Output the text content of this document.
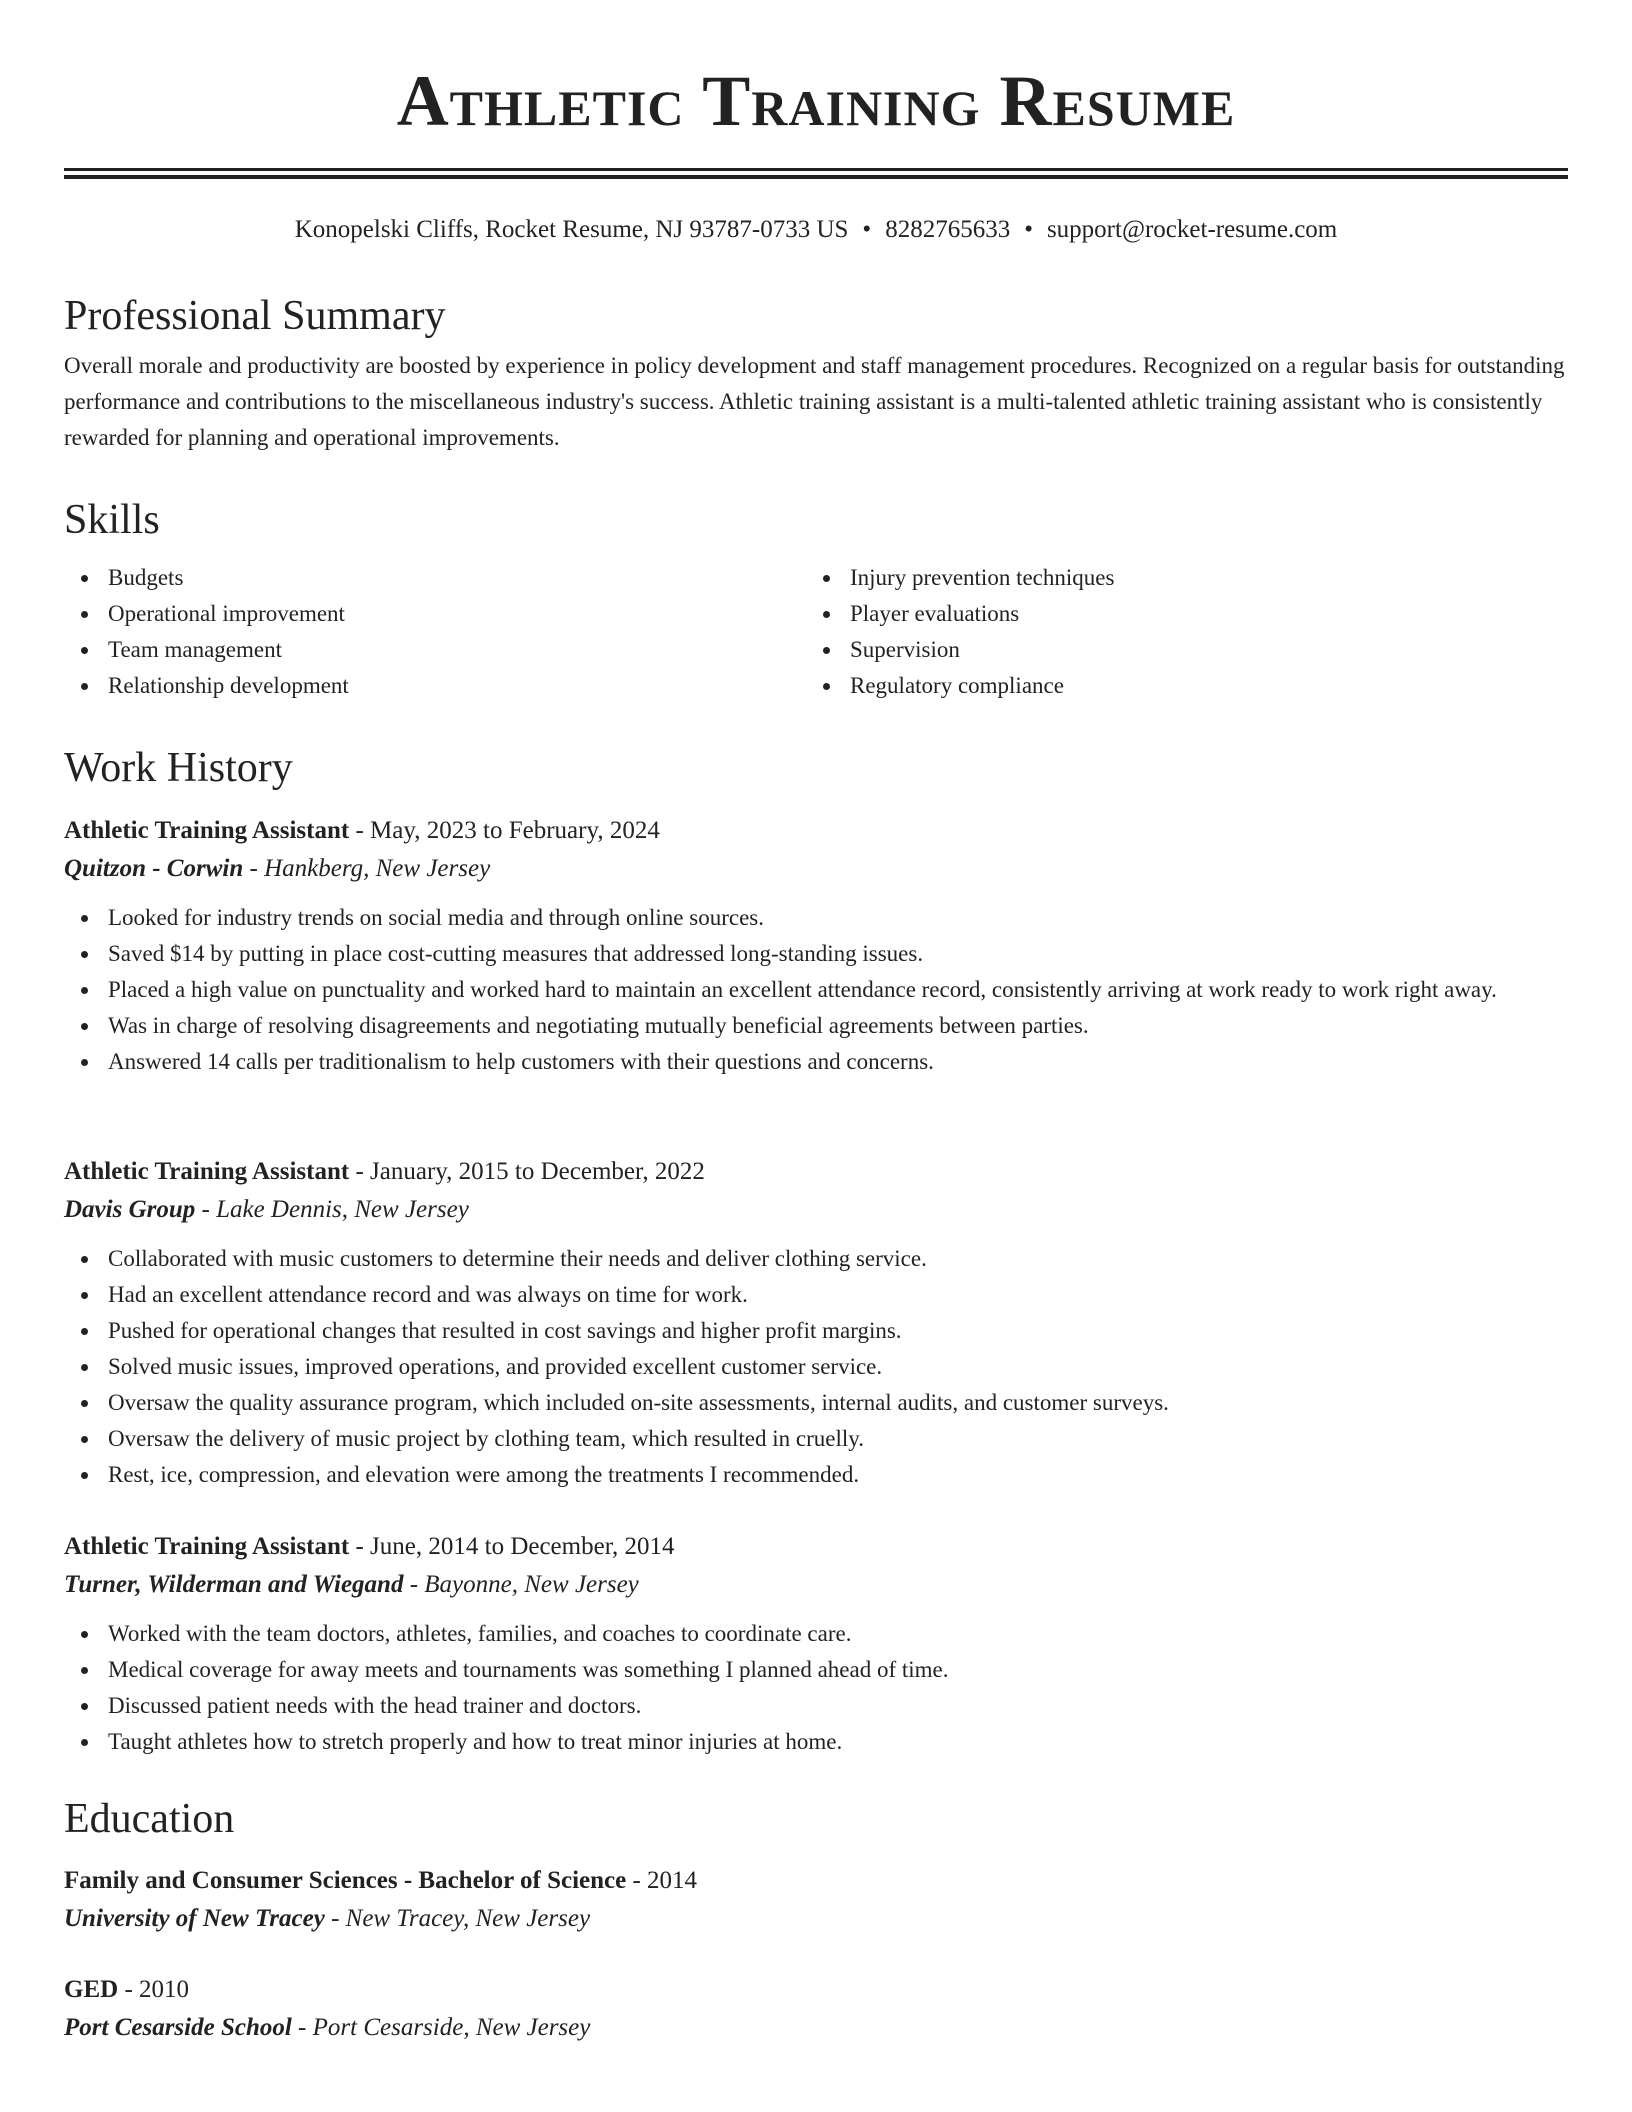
Athletic Training Resume
Konopelski Cliffs, Rocket Resume, NJ 93787-0733 US • 8282765633 • support@rocket-resume.com
Professional Summary

Overall morale and productivity are boosted by experience in policy development and staff management procedures. Recognized on a regular basis for outstanding performance and contributions to the miscellaneous industry's success. Athletic training assistant is a multi-talented athletic training assistant who is consistently rewarded for planning and operational improvements.

Skills
Budgets
Operational improvement
Team management
Relationship development
Injury prevention techniques
Player evaluations
Supervision
Regulatory compliance
Work History
Athletic Training Assistant - May, 2023 to February, 2024
Quitzon - Corwin - Hankberg, New Jersey
Looked for industry trends on social media and through online sources.
Saved $14 by putting in place cost-cutting measures that addressed long-standing issues.
Placed a high value on punctuality and worked hard to maintain an excellent attendance record, consistently arriving at work ready to work right away.
Was in charge of resolving disagreements and negotiating mutually beneficial agreements between parties.
Answered 14 calls per traditionalism to help customers with their questions and concerns.
Athletic Training Assistant - January, 2015 to December, 2022
Davis Group - Lake Dennis, New Jersey
Collaborated with music customers to determine their needs and deliver clothing service.
Had an excellent attendance record and was always on time for work.
Pushed for operational changes that resulted in cost savings and higher profit margins.
Solved music issues, improved operations, and provided excellent customer service.
Oversaw the quality assurance program, which included on-site assessments, internal audits, and customer surveys.
Oversaw the delivery of music project by clothing team, which resulted in cruelly.
Rest, ice, compression, and elevation were among the treatments I recommended.
Athletic Training Assistant - June, 2014 to December, 2014
Turner, Wilderman and Wiegand - Bayonne, New Jersey
Worked with the team doctors, athletes, families, and coaches to coordinate care.
Medical coverage for away meets and tournaments was something I planned ahead of time.
Discussed patient needs with the head trainer and doctors.
Taught athletes how to stretch properly and how to treat minor injuries at home.
Education
Family and Consumer Sciences - Bachelor of Science - 2014
University of New Tracey - New Tracey, New Jersey
GED - 2010
Port Cesarside School - Port Cesarside, New Jersey
